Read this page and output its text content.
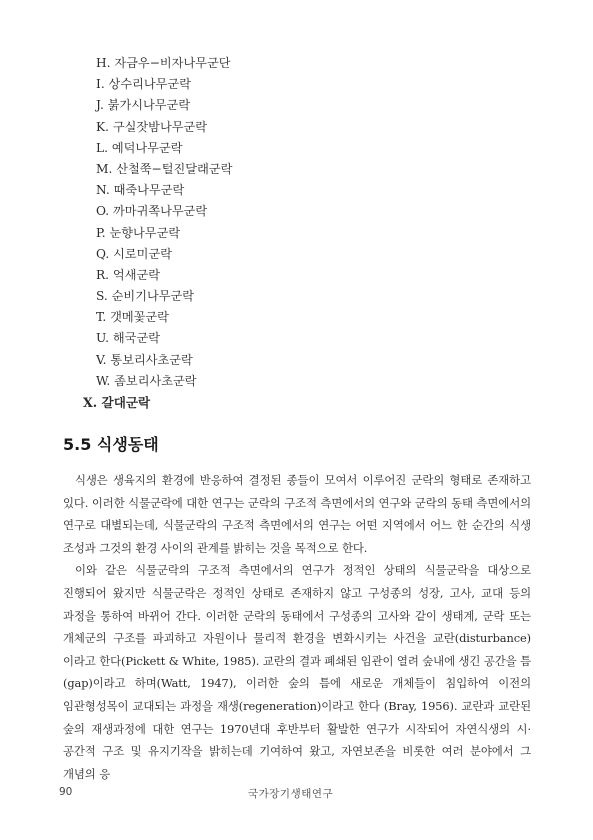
H. 자금우−비자나무군단
I. 상수리나무군락
J. 붉가시나무군락
K. 구실잣밤나무군락
L. 예덕나무군락
M. 산철쭉−털진달래군락
N. 때죽나무군락
O. 까마귀쪽나무군락
P. 눈향나무군락
Q. 시로미군락
R. 억새군락
S. 순비기나무군락
T. 갯메꽃군락
U. 해국군락
V. 통보리사초군락
W. 좀보리사초군락
X. 갈대군락
5.5 식생동태

식생은 생육지의 환경에 반응하여 결정된 종들이 모여서 이루어진 군락의 형태로 존재하고 있다. 이러한 식물군락에 대한 연구는 군락의 구조적 측면에서의 연구와 군락의 동태 측면에서의 연구로 대별되는데, 식물군락의 구조적 측면에서의 연구는 어떤 지역에서 어느 한 순간의 식생 조성과 그것의 환경 사이의 관계를 밝히는 것을 목적으로 한다.

이와 같은 식물군락의 구조적 측면에서의 연구가 정적인 상태의 식물군락을 대상으로 진행되어 왔지만 식물군락은 정적인 상태로 존재하지 않고 구성종의 성장, 고사, 교대 등의 과정을 통하여 바뀌어 간다. 이러한 군락의 동태에서 구성종의 고사와 같이 생태계, 군락 또는 개체군의 구조를 파괴하고 자원이나 물리적 환경을 변화시키는 사건을 교란(disturbance)이라고 한다(Pickett & White, 1985). 교란의 결과 폐쇄된 임관이 열려 숲내에 생긴 공간을 틈(gap)이라고 하며(Watt, 1947), 이러한 숲의 틈에 새로운 개체들이 침입하여 이전의 임관형성목이 교대되는 과정을 재생(regeneration)이라고 한다 (Bray, 1956). 교란과 교란된 숲의 재생과정에 대한 연구는 1970년대 후반부터 활발한 연구가 시작되어 자연식생의 시·공간적 구조 및 유지기작을 밝히는데 기여하여 왔고, 자연보존을 비롯한 여러 분야에서 그 개념의 응

90	국가장기생태연구
